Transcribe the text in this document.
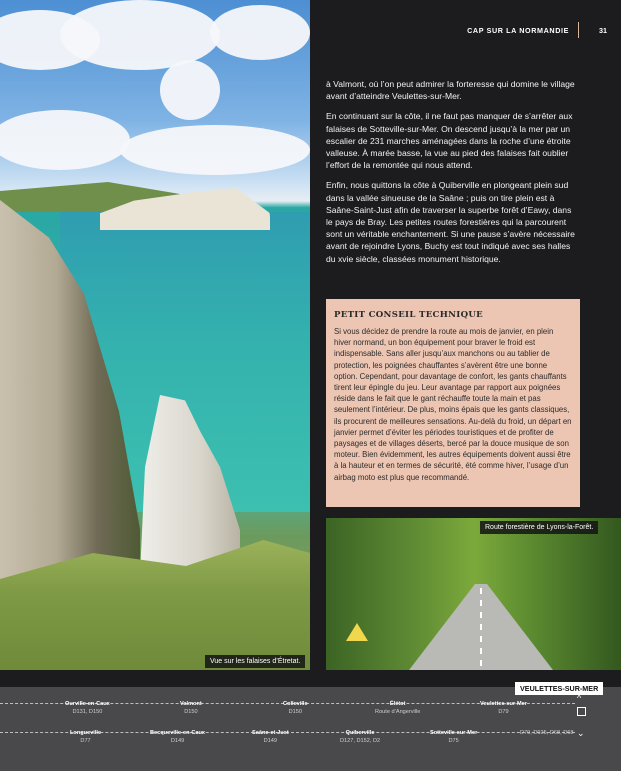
Vue sur les falaises d’Étretat.
CAP SUR LA NORMANDIE	31

à Valmont, où l’on peut admirer la forteresse qui domine le village avant d’atteindre Veulettes-sur-Mer.

En continuant sur la côte, il ne faut pas manquer de s’arrêter aux falaises de Sotteville-sur-Mer. On descend jusqu’à la mer par un escalier de 231 marches aménagées dans la roche d’une étroite valleuse. À marée basse, la vue au pied des falaises fait oublier l’effort de la remontée qui nous attend.

Enfin, nous quittons la côte à Quiberville en plongeant plein sud dans la vallée sinueuse de la Saâne ; puis on tire plein est à Saâne-Saint-Just afin de traverser la superbe forêt d’Eawy, dans le pays de Bray. Les petites routes forestières qui la parcourent sont un véritable enchantement. Si une pause s’avère nécessaire avant de rejoindre Lyons, Buchy est tout indiqué avec ses halles du xvie siècle, classées monument historique.

PETIT CONSEIL TECHNIQUE

Si vous décidez de prendre la route au mois de janvier, en plein hiver normand, un bon équipement pour braver le froid est indispensable. Sans aller jusqu’aux manchons ou au tablier de protection, les poignées chauffantes s’avèrent être une bonne option. Cependant, pour davantage de confort, les gants chauffants tirent leur épingle du jeu. Leur avantage par rapport aux poignées réside dans le fait que le gant réchauffe toute la main et pas seulement l’intérieur. De plus, moins épais que les gants classiques, ils procurent de meilleures sensations. Au-delà du froid, un départ en janvier permet d’éviter les périodes touristiques et de profiter de paysages et de villages déserts, bercé par la douce musique de son moteur. Bien évidemment, les autres équipements doivent aussi être à la hauteur et en termes de sécurité, été comme hiver, l’usage d’un airbag moto est plus que recommandé.

Route forestière de Lyons-la-Forêt.
Ourville-en-Caux
D131, D150
Valmont
D150
Colleville
D150
Élétot
Route d’Angerville
Veulettes-sur-Mer
D79
Longueville
D77
Becqueville-en-Caux
D149
Saâne-et-Just
D149
Quiberville
D127, D152, D2
Sotteville-sur-Mer
D75
D79, D925, D68, D68
VEULETTES-SUR-MER
^
⌄
